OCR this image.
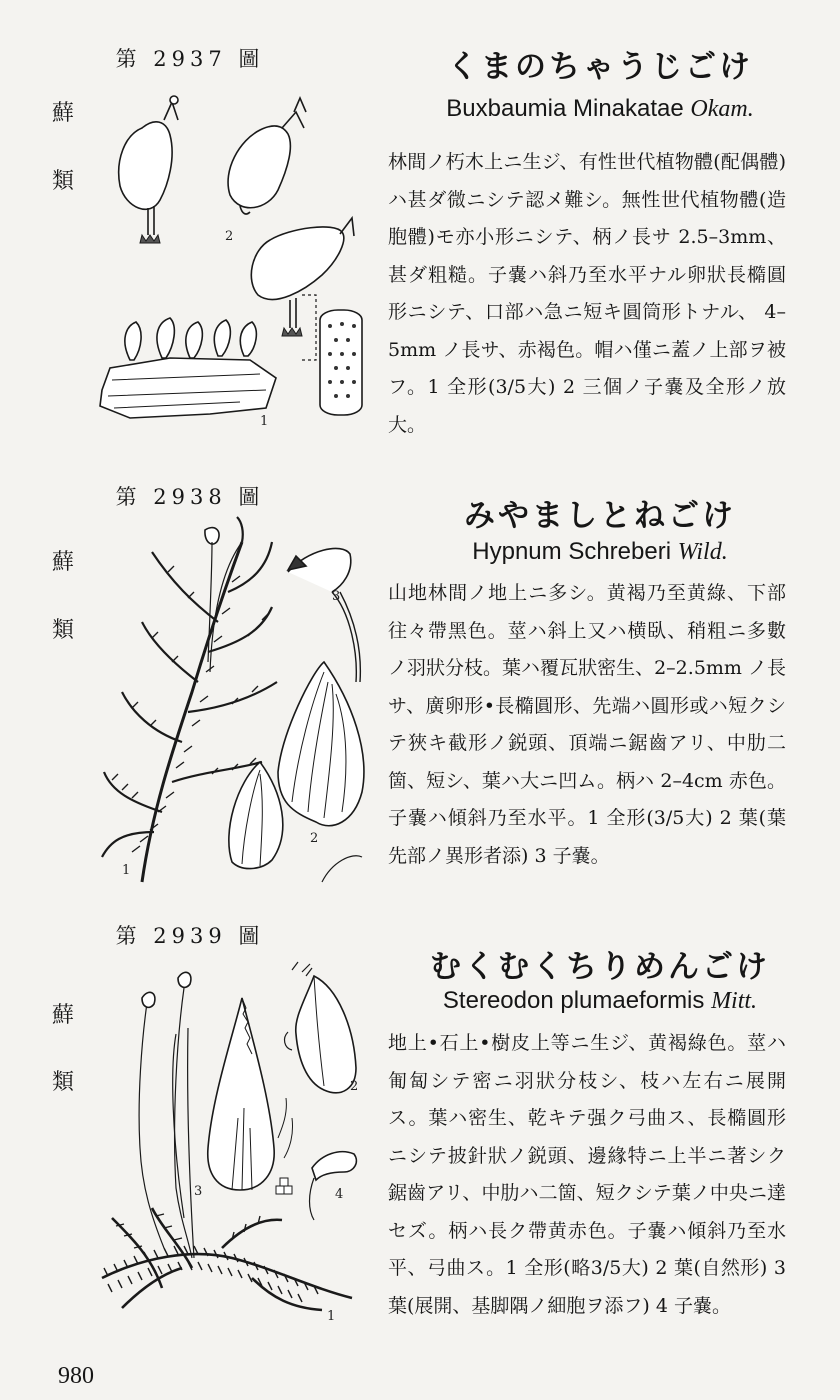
第 2937 圖
蘚
類
2
1
くまのちゃうじごけ
Buxbaumia Minakatae Okam.

林間ノ朽木上ニ生ジ、有性世代植物體(配偶體) ハ甚ダ微ニシテ認メ難シ。無性世代植物體(造胞體)モ亦小形ニシテ、柄ノ長サ 2.5–3mm、甚ダ粗糙。子嚢ハ斜乃至水平ナル卵狀長橢圓形ニシテ、口部ハ急ニ短キ圓筒形トナル、 4–5mm ノ長サ、赤褐色。帽ハ僅ニ蓋ノ上部ヲ被フ。1 全形(3/5大) 2 三個ノ子嚢及全形ノ放大。

第 2938 圖
蘚
類
3
2
1
みやましとねごけ
Hypnum Schreberi Wild.

山地林間ノ地上ニ多シ。黄褐乃至黄綠、下部往々帶黑色。莖ハ斜上又ハ横臥、稍粗ニ多數ノ羽狀分枝。葉ハ覆瓦狀密生、2–2.5mm ノ長サ、廣卵形•長橢圓形、先端ハ圓形或ハ短クシテ狹キ截形ノ鋭頭、頂端ニ鋸齒アリ、中肋二箇、短シ、葉ハ大ニ凹ム。柄ハ 2–4cm 赤色。子嚢ハ傾斜乃至水平。1 全形(3/5大) 2 葉(葉先部ノ異形者添) 3 子嚢。

第 2939 圖
蘚
類
3
2
4
1
むくむくちりめんごけ
Stereodon plumaeformis Mitt.

地上•石上•樹皮上等ニ生ジ、黄褐綠色。莖ハ匍匐シテ密ニ羽狀分枝シ、枝ハ左右ニ展開ス。葉ハ密生、乾キテ强ク弓曲ス、長橢圓形ニシテ披針狀ノ鋭頭、邊緣特ニ上半ニ著シク鋸齒アリ、中肋ハ二箇、短クシテ葉ノ中央ニ達セズ。柄ハ長ク帶黄赤色。子嚢ハ傾斜乃至水平、弓曲ス。1 全形(略3/5大) 2 葉(自然形) 3 葉(展開、基脚隅ノ細胞ヲ添フ) 4 子嚢。

980
